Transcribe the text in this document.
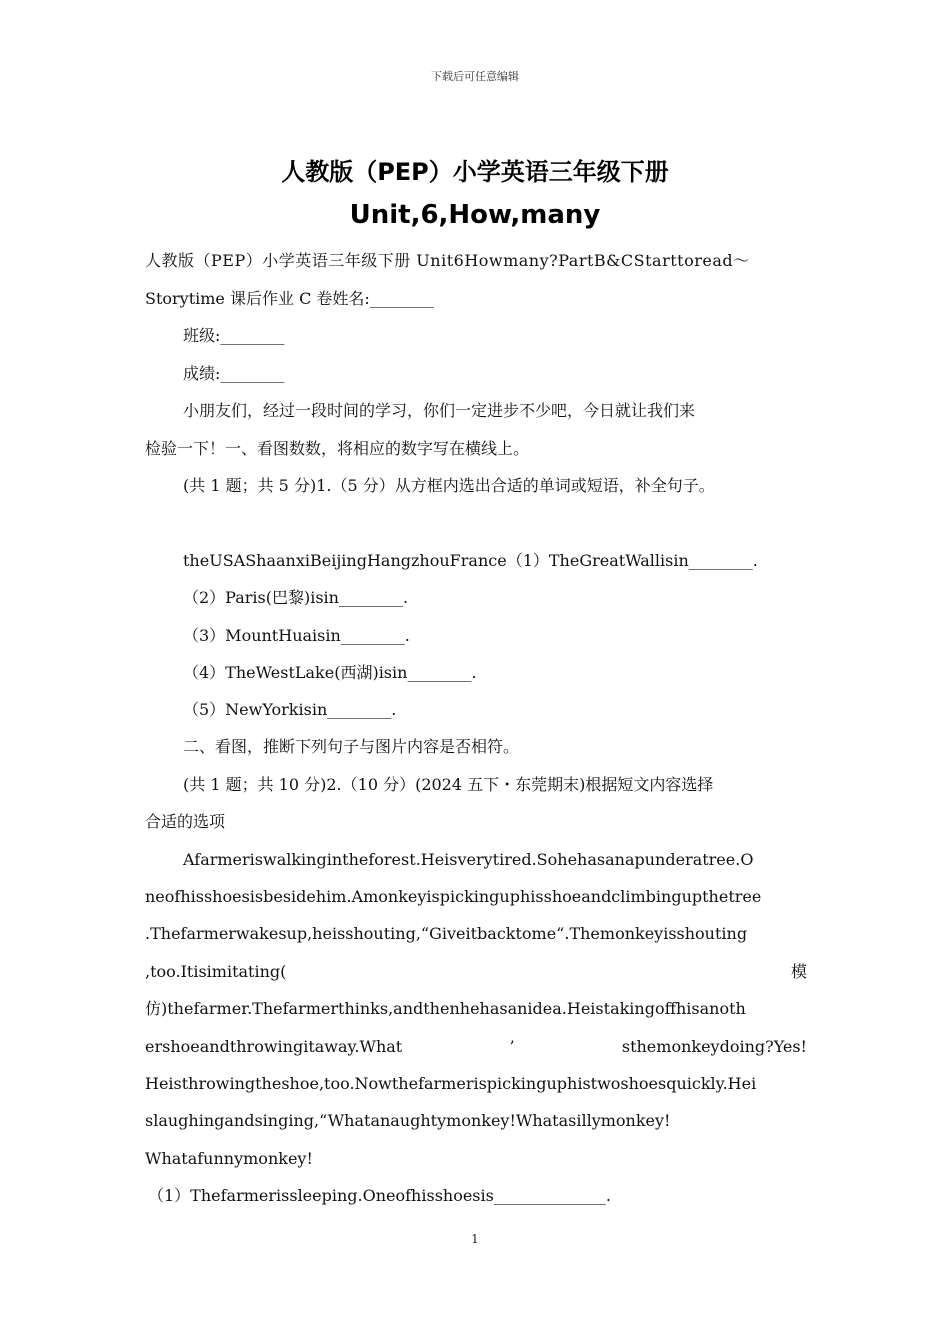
下载后可任意编辑
人教版（PEP）小学英语三年级下册
Unit,6,How,many
人教版（PEP）小学英语三年级下册 Unit6Howmany?PartB&CStarttoread～
Storytime 课后作业 C 卷姓名:________
班级:________
成绩:________
小朋友们，经过一段时间的学习，你们一定进步不少吧，今日就让我们来
检验一下！一、看图数数，将相应的数字写在横线上。
(共 1 题；共 5 分)1.（5 分）从方框内选出合适的单词或短语，补全句子。
theUSAShaanxiBeijingHangzhouFrance（1）TheGreatWallisin________.
（2）Paris(巴黎)isin________.
（3）MountHuaisin________.
（4）TheWestLake(西湖)isin________.
（5）NewYorkisin________.
二、看图，推断下列句子与图片内容是否相符。
(共 1 题；共 10 分)2.（10 分）(2024 五下・东莞期末)根据短文内容选择
合适的选项
Afarmeriswalkingintheforest.Heisverytired.Sohehasanapunderatree.O
neofhisshoesisbesidehim.Amonkeyispickinguphisshoeandclimbingupthetree
.Thefarmerwakesup,heisshouting,“Giveitbacktome“.Themonkeyisshouting
,too.Itisimitating(	模
仿)thefarmer.Thefarmerthinks,andthenhehasanidea.Heistakingoffhisanoth
ershoeandthrowingitaway.What	’	sthemonkeydoing?Yes!
Heisthrowingtheshoe,too.Nowthefarmerispickinguphistwoshoesquickly.Hei
slaughingandsinging,“Whatanaughtymonkey!Whatasillymonkey!
Whatafunnymonkey!
（1）Thefarmerissleeping.Oneofhisshoesis______________.
1
